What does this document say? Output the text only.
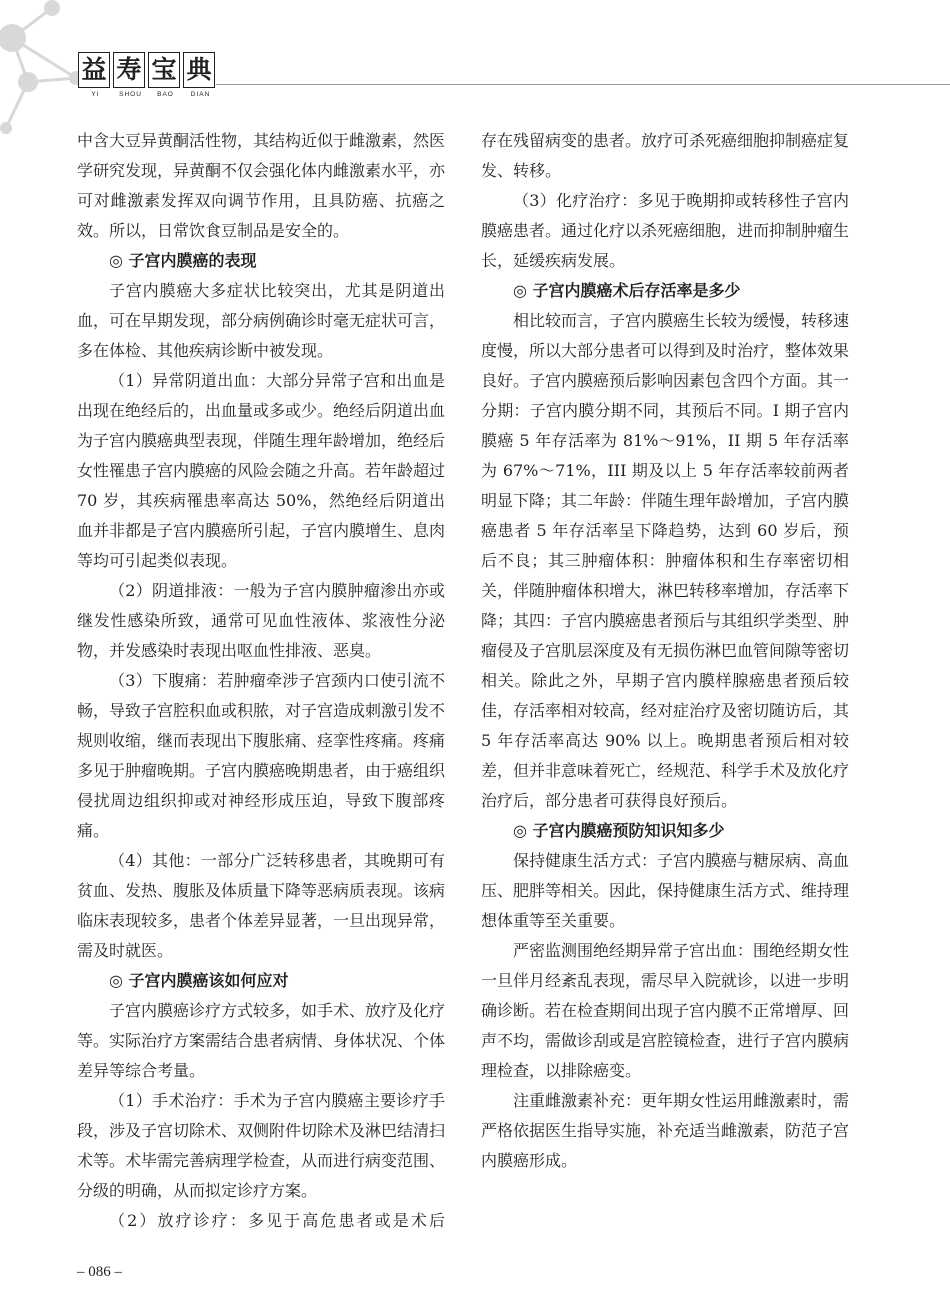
益 寿 宝 典
YI	SHOU	BAO	DIAN

中含大豆异黄酮活性物，其结构近似于雌激素，然医学研究发现，异黄酮不仅会强化体内雌激素水平，亦可对雌激素发挥双向调节作用，且具防癌、抗癌之效。所以，日常饮食豆制品是安全的。

◎ 子宫内膜癌的表现

子宫内膜癌大多症状比较突出，尤其是阴道出血，可在早期发现，部分病例确诊时毫无症状可言，多在体检、其他疾病诊断中被发现。

（1）异常阴道出血：大部分异常子宫和出血是出现在绝经后的，出血量或多或少。绝经后阴道出血为子宫内膜癌典型表现，伴随生理年龄增加，绝经后女性罹患子宫内膜癌的风险会随之升高。若年龄超过 70 岁，其疾病罹患率高达 50%，然绝经后阴道出血并非都是子宫内膜癌所引起，子宫内膜增生、息肉等均可引起类似表现。

（2）阴道排液：一般为子宫内膜肿瘤渗出亦或继发性感染所致，通常可见血性液体、浆液性分泌物，并发感染时表现出呕血性排液、恶臭。

（3）下腹痛：若肿瘤牵涉子宫颈内口使引流不畅，导致子宫腔积血或积脓，对子宫造成刺激引发不规则收缩，继而表现出下腹胀痛、痉挛性疼痛。疼痛多见于肿瘤晚期。子宫内膜癌晚期患者，由于癌组织侵扰周边组织抑或对神经形成压迫，导致下腹部疼痛。

（4）其他：一部分广泛转移患者，其晚期可有贫血、发热、腹胀及体质量下降等恶病质表现。该病临床表现较多，患者个体差异显著，一旦出现异常，需及时就医。

◎ 子宫内膜癌该如何应对

子宫内膜癌诊疗方式较多，如手术、放疗及化疗等。实际治疗方案需结合患者病情、身体状况、个体差异等综合考量。

（1）手术治疗：手术为子宫内膜癌主要诊疗手段，涉及子宫切除术、双侧附件切除术及淋巴结清扫术等。术毕需完善病理学检查，从而进行病变范围、分级的明确，从而拟定诊疗方案。

（2）放疗诊疗：多见于高危患者或是术后

存在残留病变的患者。放疗可杀死癌细胞抑制癌症复发、转移。

（3）化疗治疗：多见于晚期抑或转移性子宫内膜癌患者。通过化疗以杀死癌细胞，进而抑制肿瘤生长，延缓疾病发展。

◎ 子宫内膜癌术后存活率是多少

相比较而言，子宫内膜癌生长较为缓慢，转移速度慢，所以大部分患者可以得到及时治疗，整体效果良好。子宫内膜癌预后影响因素包含四个方面。其一分期：子宫内膜分期不同，其预后不同。I 期子宫内膜癌 5 年存活率为 81%～91%，II 期 5 年存活率为 67%～71%，III 期及以上 5 年存活率较前两者明显下降；其二年龄：伴随生理年龄增加，子宫内膜癌患者 5 年存活率呈下降趋势，达到 60 岁后，预后不良；其三肿瘤体积：肿瘤体积和生存率密切相关，伴随肿瘤体积增大，淋巴转移率增加，存活率下降；其四：子宫内膜癌患者预后与其组织学类型、肿瘤侵及子宫肌层深度及有无损伤淋巴血管间隙等密切相关。除此之外，早期子宫内膜样腺癌患者预后较佳，存活率相对较高，经对症治疗及密切随访后，其 5 年存活率高达 90% 以上。晚期患者预后相对较差，但并非意味着死亡，经规范、科学手术及放化疗治疗后，部分患者可获得良好预后。

◎ 子宫内膜癌预防知识知多少

保持健康生活方式：子宫内膜癌与糖尿病、高血压、肥胖等相关。因此，保持健康生活方式、维持理想体重等至关重要。

严密监测围绝经期异常子宫出血：围绝经期女性一旦伴月经紊乱表现，需尽早入院就诊，以进一步明确诊断。若在检查期间出现子宫内膜不正常增厚、回声不均，需做诊刮或是宫腔镜检查，进行子宫内膜病理检查，以排除癌变。

注重雌激素补充：更年期女性运用雌激素时，需严格依据医生指导实施，补充适当雌激素，防范子宫内膜癌形成。

– 086 –
